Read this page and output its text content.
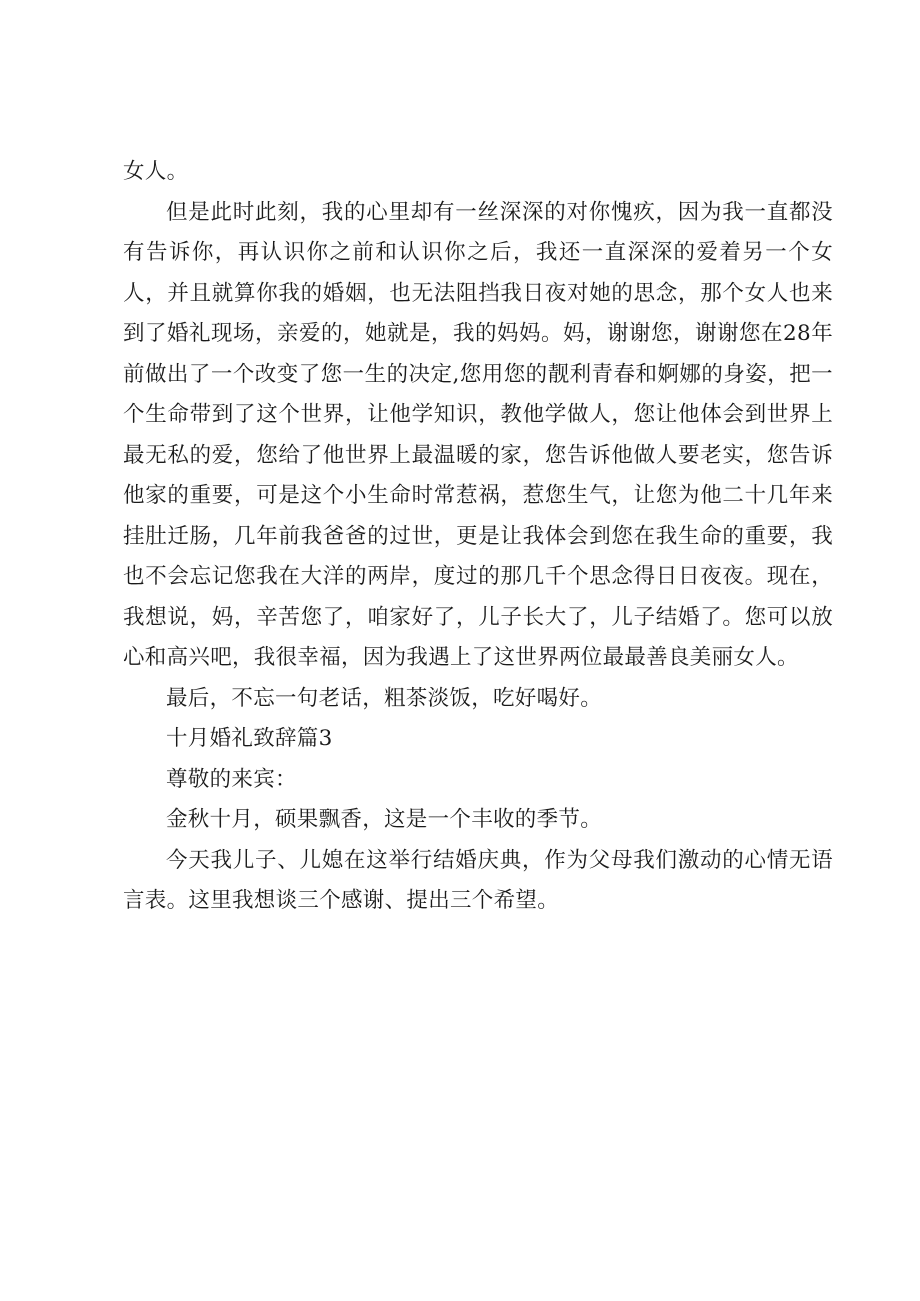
女人。

但是此时此刻，我的心里却有一丝深深的对你愧疚，因为我一直都没有告诉你，再认识你之前和认识你之后，我还一直深深的爱着另一个女人，并且就算你我的婚姻，也无法阻挡我日夜对她的思念，那个女人也来到了婚礼现场，亲爱的，她就是，我的妈妈。妈，谢谢您，谢谢您在28年前做出了一个改变了您一生的决定,您用您的靓利青春和婀娜的身姿，把一个生命带到了这个世界，让他学知识，教他学做人，您让他体会到世界上最无私的爱，您给了他世界上最温暖的家，您告诉他做人要老实，您告诉他家的重要，可是这个小生命时常惹祸，惹您生气，让您为他二十几年来挂肚迁肠，几年前我爸爸的过世，更是让我体会到您在我生命的重要，我也不会忘记您我在大洋的两岸，度过的那几千个思念得日日夜夜。现在，我想说，妈，辛苦您了，咱家好了，儿子长大了，儿子结婚了。您可以放心和高兴吧，我很幸福，因为我遇上了这世界两位最最善良美丽女人。

最后，不忘一句老话，粗茶淡饭，吃好喝好。

十月婚礼致辞篇3

尊敬的来宾：

金秋十月，硕果飘香，这是一个丰收的季节。

今天我儿子、儿媳在这举行结婚庆典，作为父母我们激动的心情无语言表。这里我想谈三个感谢、提出三个希望。
